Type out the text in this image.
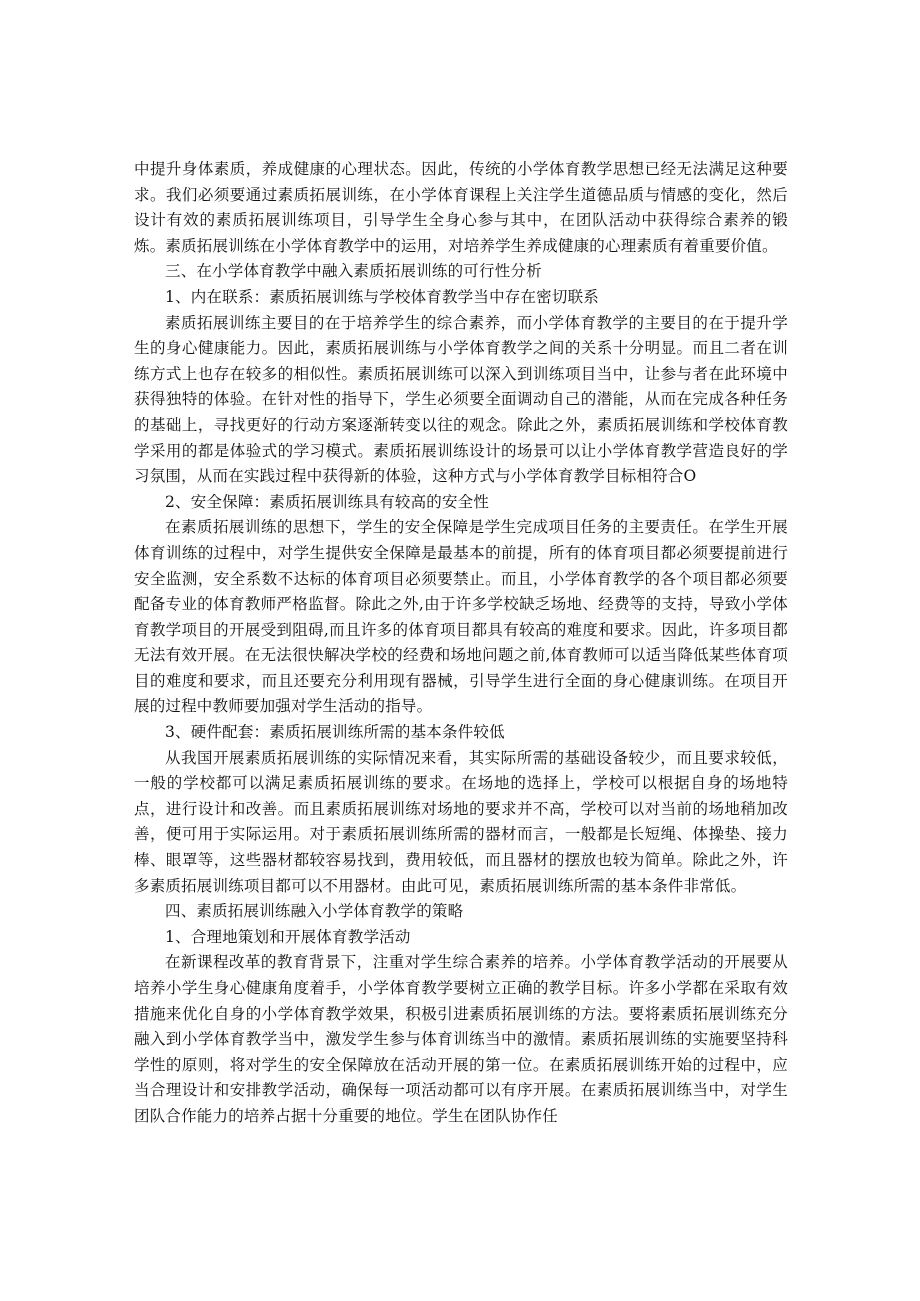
中提升身体素质，养成健康的心理状态。因此，传统的小学体育教学思想已经无法满足这种要求。我们必须要通过素质拓展训练，在小学体育课程上关注学生道德品质与情感的变化，然后设计有效的素质拓展训练项目，引导学生全身心参与其中，在团队活动中获得综合素养的锻炼。素质拓展训练在小学体育教学中的运用，对培养学生养成健康的心理素质有着重要价值。

三、在小学体育教学中融入素质拓展训练的可行性分析

1、内在联系：素质拓展训练与学校体育教学当中存在密切联系

素质拓展训练主要目的在于培养学生的综合素养，而小学体育教学的主要目的在于提升学生的身心健康能力。因此，素质拓展训练与小学体育教学之间的关系十分明显。而且二者在训练方式上也存在较多的相似性。素质拓展训练可以深入到训练项目当中，让参与者在此环境中获得独特的体验。在针对性的指导下，学生必须要全面调动自己的潜能，从而在完成各种任务的基础上，寻找更好的行动方案逐渐转变以往的观念。除此之外，素质拓展训练和学校体育教学采用的都是体验式的学习模式。素质拓展训练设计的场景可以让小学体育教学营造良好的学习氛围，从而在实践过程中获得新的体验，这种方式与小学体育教学目标相符合O

2、安全保障：素质拓展训练具有较高的安全性

在素质拓展训练的思想下，学生的安全保障是学生完成项目任务的主要责任。在学生开展体育训练的过程中，对学生提供安全保障是最基本的前提，所有的体育项目都必须要提前进行安全监测，安全系数不达标的体育项目必须要禁止。而且，小学体育教学的各个项目都必须要配备专业的体育教师严格监督。除此之外,由于许多学校缺乏场地、经费等的支持，导致小学体育教学项目的开展受到阻碍,而且许多的体育项目都具有较高的难度和要求。因此，许多项目都无法有效开展。在无法很快解决学校的经费和场地问题之前,体育教师可以适当降低某些体育项目的难度和要求，而且还要充分利用现有器械，引导学生进行全面的身心健康训练。在项目开展的过程中教师要加强对学生活动的指导。

3、硬件配套：素质拓展训练所需的基本条件较低

从我国开展素质拓展训练的实际情况来看，其实际所需的基础设备较少，而且要求较低，一般的学校都可以满足素质拓展训练的要求。在场地的选择上，学校可以根据自身的场地特点，进行设计和改善。而且素质拓展训练对场地的要求并不高，学校可以对当前的场地稍加改善，便可用于实际运用。对于素质拓展训练所需的器材而言，一般都是长短绳、体操垫、接力棒、眼罩等，这些器材都较容易找到，费用较低，而且器材的摆放也较为简单。除此之外，许多素质拓展训练项目都可以不用器材。由此可见，素质拓展训练所需的基本条件非常低。

四、素质拓展训练融入小学体育教学的策略

1、合理地策划和开展体育教学活动

在新课程改革的教育背景下，注重对学生综合素养的培养。小学体育教学活动的开展要从培养小学生身心健康角度着手，小学体育教学要树立正确的教学目标。许多小学都在采取有效措施来优化自身的小学体育教学效果，积极引进素质拓展训练的方法。要将素质拓展训练充分融入到小学体育教学当中，激发学生参与体育训练当中的激情。素质拓展训练的实施要坚持科学性的原则，将对学生的安全保障放在活动开展的第一位。在素质拓展训练开始的过程中，应当合理设计和安排教学活动，确保每一项活动都可以有序开展。在素质拓展训练当中，对学生团队合作能力的培养占据十分重要的地位。学生在团队协作任
